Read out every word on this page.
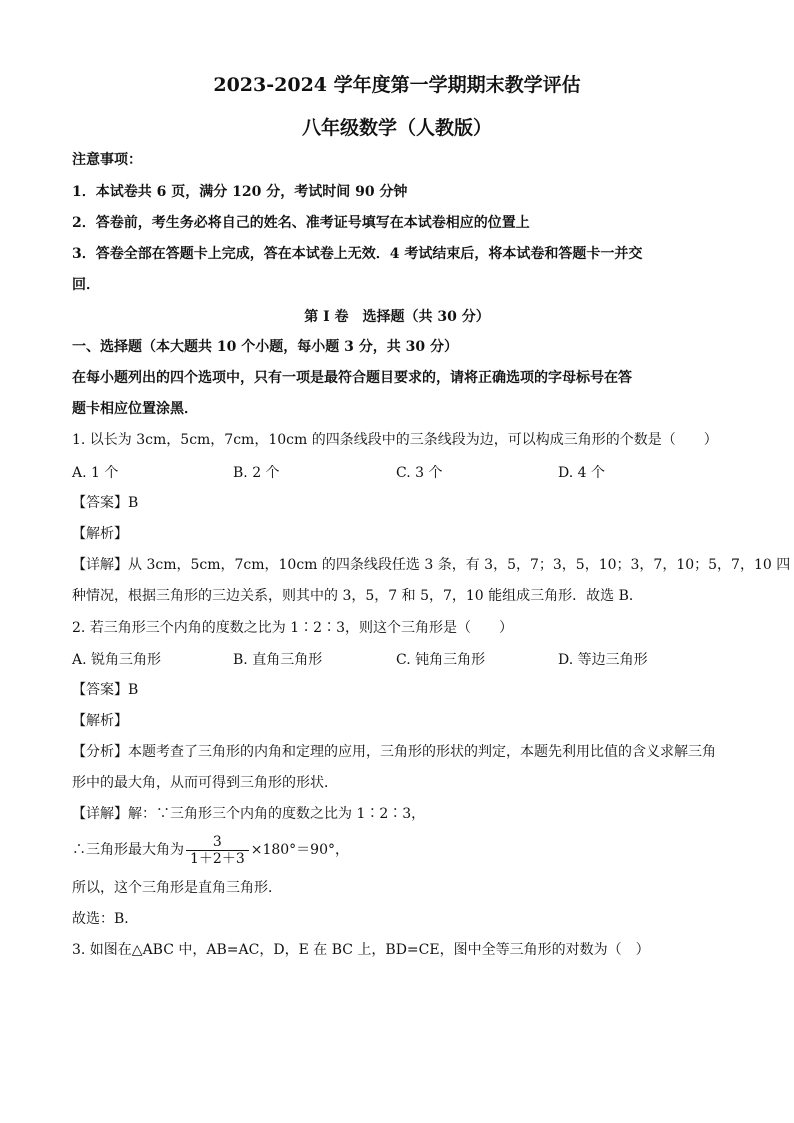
2023-2024 学年度第一学期期末教学评估
八年级数学（人教版）
注意事项：
1．本试卷共 6 页，满分 120 分，考试时间 90 分钟
2．答卷前，考生务必将自己的姓名、准考证号填写在本试卷相应的位置上
3．答卷全部在答题卡上完成，答在本试卷上无效．4 考试结束后，将本试卷和答题卡一并交
回．
第 I 卷　选择题（共 30 分）
一、选择题（本大题共 10 个小题，每小题 3 分，共 30 分）
在每小题列出的四个选项中，只有一项是最符合题目要求的，请将正确选项的字母标号在答
题卡相应位置涂黑．
1. 以长为 3cm，5cm，7cm，10cm 的四条线段中的三条线段为边，可以构成三角形的个数是（　　）
A. 1 个	B. 2 个	C. 3 个	D. 4 个
【答案】B
【解析】
【详解】从 3cm，5cm，7cm，10cm 的四条线段任选 3 条，有 3，5，7；3，5，10；3，7，10；5，7，10 四
种情况，根据三角形的三边关系，则其中的 3，5，7 和 5，7，10 能组成三角形．故选 B．
2. 若三角形三个内角的度数之比为 1∶2∶3，则这个三角形是（　　）
A. 锐角三角形	B. 直角三角形	C. 钝角三角形	D. 等边三角形
【答案】B
【解析】
【分析】本题考查了三角形的内角和定理的应用，三角形的形状的判定，本题先利用比值的含义求解三角
形中的最大角，从而可得到三角形的形状．
【详解】解：∵三角形三个内角的度数之比为 1∶2∶3，
∴三角形最大角为 $\frac{3}{1+2+3} \times 180^\circ=90^\circ$，
所以，这个三角形是直角三角形．
故选：B．
3. 如图在△ABC 中，AB=AC，D，E 在 BC 上，BD=CE，图中全等三角形的对数为（　）
